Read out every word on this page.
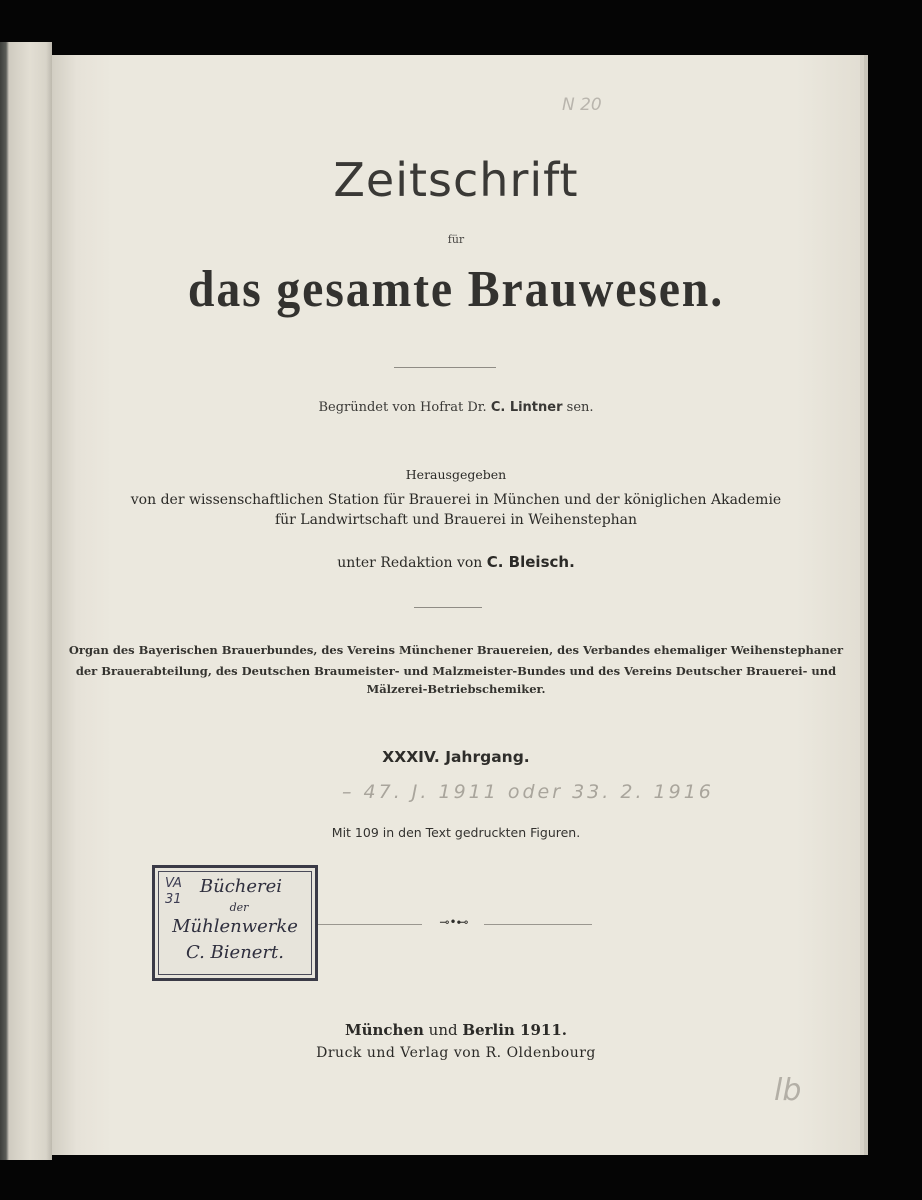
N 20
Zeitschrift
für
das gesamte Brauwesen.
Begründet von Hofrat Dr. C. Lintner sen.
Herausgegeben
von der wissenschaftlichen Station für Brauerei in München und der königlichen Akademie
für Landwirtschaft und Brauerei in Weihenstephan
unter Redaktion von C. Bleisch.
Organ des Bayerischen Brauerbundes, des Vereins Münchener Brauereien, des Verbandes ehemaliger Weihenstephaner
der Brauerabteilung, des Deutschen Braumeister- und Malzmeister-Bundes und des Vereins Deutscher Brauerei- und
Mälzerei-Betriebschemiker.
XXXIV. Jahrgang.
– 47. J. 1911 oder 33. 2. 1916
Mit 109 in den Text gedruckten Figuren.
VA
31
Bücherei
der
Mühlenwerke
C. Bienert.
⊸•⊷
München und Berlin 1911.
Druck und Verlag von R. Oldenbourg
lb
